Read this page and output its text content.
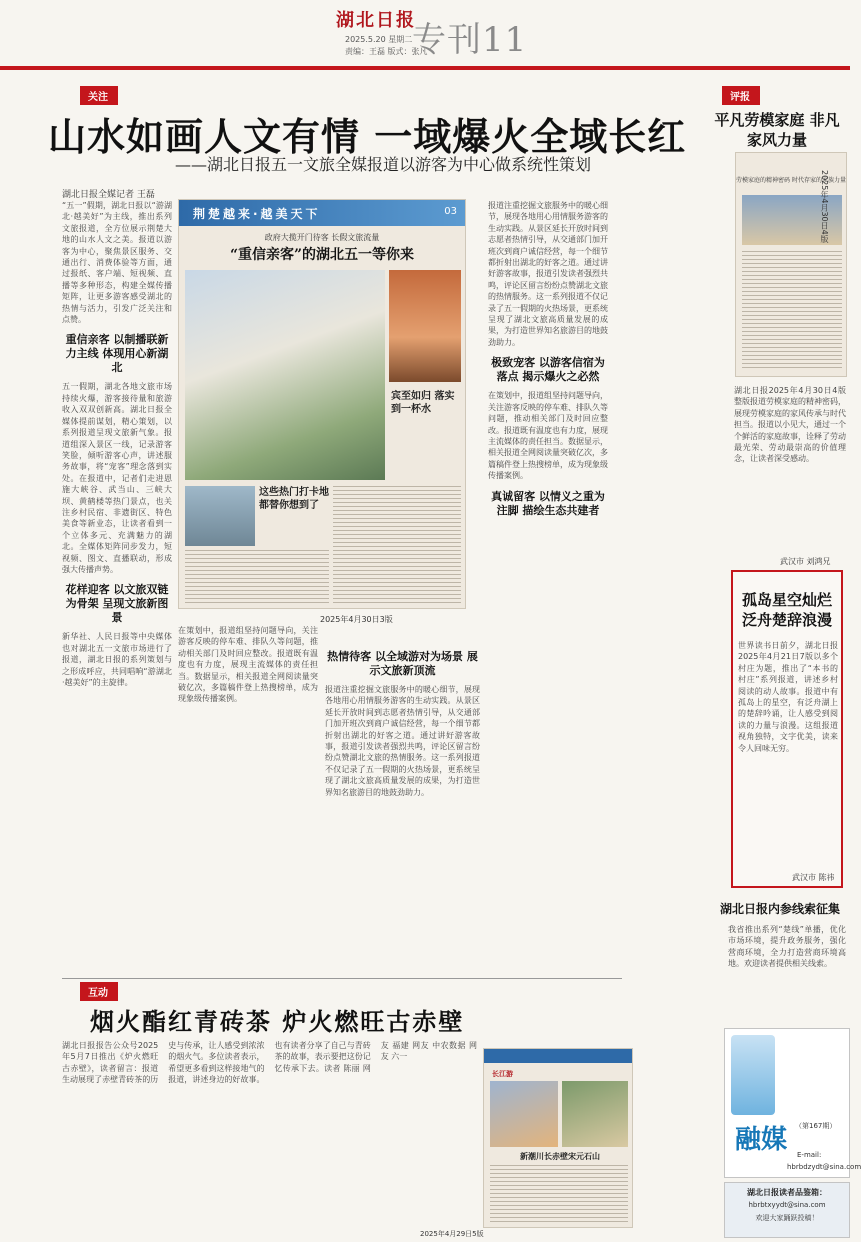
湖北日报
2025.5.20 星期二
责编：王磊 版式：张凡
专刊11
关注	评报
互动
山水如画人文有情 一域爆火全域长红
——湖北日报五一文旅全媒报道以游客为中心做系统性策划
湖北日报全媒记者 王磊

“五一”假期，湖北日报以“游湖北·越美好”为主线，推出系列文旅报道，全方位展示荆楚大地的山水人文之美。报道以游客为中心，聚焦景区服务、交通出行、消费体验等方面，通过报纸、客户端、短视频、直播等多种形态，构建全媒传播矩阵，让更多游客感受湖北的热情与活力，引发广泛关注和点赞。

重信亲客 以制播联新力主线 体现用心新湖北

五一假期，湖北各地文旅市场持续火爆，游客接待量和旅游收入双双创新高。湖北日报全媒体提前谋划，精心策划，以系列报道呈现文旅新气象。报道组深入景区一线，记录游客笑脸，倾听游客心声，讲述服务故事，将“宠客”理念落到实处。在报道中，记者们走进恩施大峡谷、武当山、三峡大坝、黄鹤楼等热门景点，也关注乡村民宿、非遗街区、特色美食等新业态，让读者看到一个立体多元、充满魅力的湖北。全媒体矩阵同步发力，短视频、图文、直播联动，形成强大传播声势。

花样迎客 以文旅双链为骨架 呈现文旅新图景

新华社、人民日报等中央媒体也对湖北五一文旅市场进行了报道，湖北日报的系列策划与之形成呼应，共同唱响“游湖北·越美好”的主旋律。

荆楚越来·越美天下	03
政府大揽开门待客 长假文旅流量
“重信亲客”的湖北五一等你来
这些热门打卡地 都替你想到了
宾至如归 落实到一杯水
2025年4月30日3版

报道注重挖掘文旅服务中的暖心细节，展现各地用心用情服务游客的生动实践。从景区延长开放时间到志愿者热情引导，从交通部门加开班次到商户诚信经营，每一个细节都折射出湖北的好客之道。通过讲好游客故事，报道引发读者强烈共鸣，评论区留言纷纷点赞湖北文旅的热情服务。这一系列报道不仅记录了五一假期的火热场景，更系统呈现了湖北文旅高质量发展的成果，为打造世界知名旅游目的地鼓劲助力。

极致宠客 以游客信宿为落点 揭示爆火之必然

在策划中，报道组坚持问题导向，关注游客反映的停车难、排队久等问题，推动相关部门及时回应整改。报道既有温度也有力度，展现主流媒体的责任担当。数据显示，相关报道全网阅读量突破亿次，多篇稿件登上热搜榜单，成为现象级传播案例。

真诚留客 以情义之重为注脚 描绘生态共建者

在策划中，报道组坚持问题导向，关注游客反映的停车难、排队久等问题，推动相关部门及时回应整改。报道既有温度也有力度，展现主流媒体的责任担当。数据显示，相关报道全网阅读量突破亿次，多篇稿件登上热搜榜单，成为现象级传播案例。

热情待客 以全域游对为场景 展示文旅新顶流

报道注重挖掘文旅服务中的暖心细节，展现各地用心用情服务游客的生动实践。从景区延长开放时间到志愿者热情引导，从交通部门加开班次到商户诚信经营，每一个细节都折射出湖北的好客之道。通过讲好游客故事，报道引发读者强烈共鸣，评论区留言纷纷点赞湖北文旅的热情服务。这一系列报道不仅记录了五一假期的火热场景，更系统呈现了湖北文旅高质量发展的成果，为打造世界知名旅游目的地鼓劲助力。

平凡劳模家庭 非凡家风力量
劳模家庭的精神密码 时代存家的家族力量
2025年4月30日4版
湖北日报2025年4月30日4版整版报道劳模家庭的精神密码，展现劳模家庭的家风传承与时代担当。报道以小见大，通过一个个鲜活的家庭故事，诠释了劳动最光荣、劳动最崇高的价值理念，让读者深受感动。
武汉市 刘鸿兄
孤岛星空灿烂 泛舟楚辞浪漫
世界读书日前夕，湖北日报2025年4月21日7版以多个村庄为题，推出了“本书的村庄”系列报道，讲述乡村阅读的动人故事。报道中有孤岛上的星空，有泛舟湖上的楚辞吟诵，让人感受到阅读的力量与浪漫。这组报道视角独特，文字优美，读来令人回味无穷。
武汉市 陈祎
烟火酯红青砖茶 炉火燃旺古赤壁
湖北日报报告公众号2025年5月7日推出《炉火燃旺古赤壁》，读者留言：报道生动展现了赤壁青砖茶的历史与传承，让人感受到浓浓的烟火气。多位读者表示，希望更多看到这样接地气的报道，讲述身边的好故事。也有读者分享了自己与青砖茶的故事，表示要把这份记忆传承下去。读者 陈丽 网友 福建 网友 中农数据 网友 六一
长江游
新潮川长赤壁宋元石山
2025年4月29日5版
湖北日报内参线索征集
我省推出系列“楚线”单播，优化市场环境，提升政务服务，强化营商环境，全力打造营商环境高地。欢迎读者提供相关线索。
融媒 （第167期）
E-mail:
hbrbdzydt@sina.com
湖北日报读者品鉴箱：
hbrbtxyydt@sina.com
欢迎大家踊跃投稿！
